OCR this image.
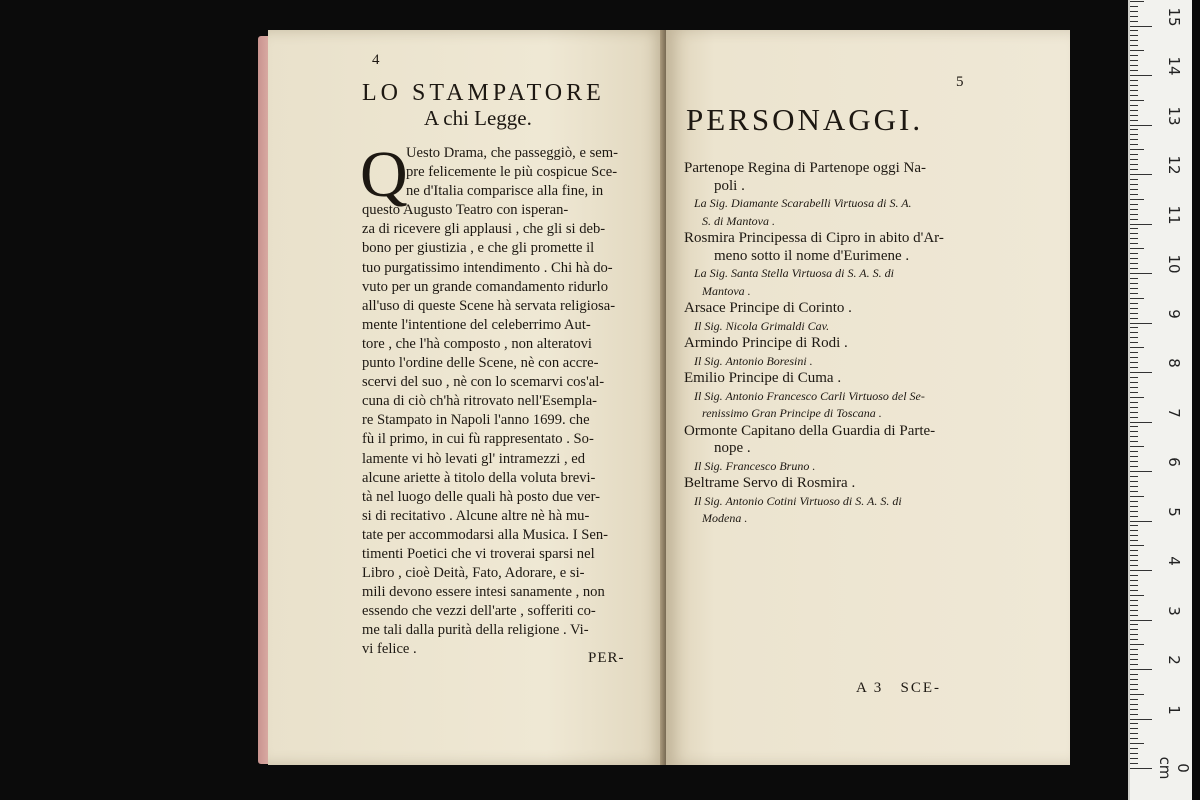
4
LO STAMPATORE
A chi Legge.
Q
Uesto Drama, che passeggiò, e sem-
pre felicemente le più cospicue Sce-
ne d'Italia comparisce alla fine, in
questo Augusto Teatro con isperan-
za di ricevere gli applausi , che gli si deb-
bono per giustizia , e che gli promette il
tuo purgatissimo intendimento . Chi hà do-
vuto per un grande comandamento ridurlo
all'uso di queste Scene hà servata religiosa-
mente l'intentione del celeberrimo Aut-
tore , che l'hà composto , non alteratovi
punto l'ordine delle Scene, nè con accre-
scervi del suo , nè con lo scemarvi cos'al-
cuna di ciò ch'hà ritrovato nell'Esempla-
re Stampato in Napoli l'anno 1699. che
fù il primo, in cui fù rappresentato . So-
lamente vi hò levati gl' intramezzi , ed
alcune ariette à titolo della voluta brevi-
tà nel luogo delle quali hà posto due ver-
si di recitativo . Alcune altre nè hà mu-
tate per accommodarsi alla Musica. I Sen-
timenti Poetici che vi troverai sparsi nel
Libro , cioè Deità, Fato, Adorare, e si-
mili devono essere intesi sanamente , non
essendo che vezzi dell'arte , sofferiti co-
me tali dalla purità della religione . Vi-
vi felice .
PER-
5
PERSONAGGI.
Partenope Regina di Partenope oggi Na-
poli .
La Sig. Diamante Scarabelli Virtuosa di S. A.
S. di Mantova .
Rosmira Principessa di Cipro in abito d'Ar-
meno sotto il nome d'Eurimene .
La Sig. Santa Stella Virtuosa di S. A. S. di
Mantova .
Arsace Principe di Corinto .
Il Sig. Nicola Grimaldi Cav.
Armindo Principe di Rodi .
Il Sig. Antonio Boresini .
Emilio Principe di Cuma .
Il Sig. Antonio Francesco Carli Virtuoso del Se-
renissimo Gran Principe di Toscana .
Ormonte Capitano della Guardia di Parte-
nope .
Il Sig. Francesco Bruno .
Beltrame Servo di Rosmira .
Il Sig. Antonio Cotini Virtuoso di S. A. S. di
Modena .
A 3 SCE-
0 cm
1
2
3
4
5
6
7
8
9
10
11
12
13
14
15
